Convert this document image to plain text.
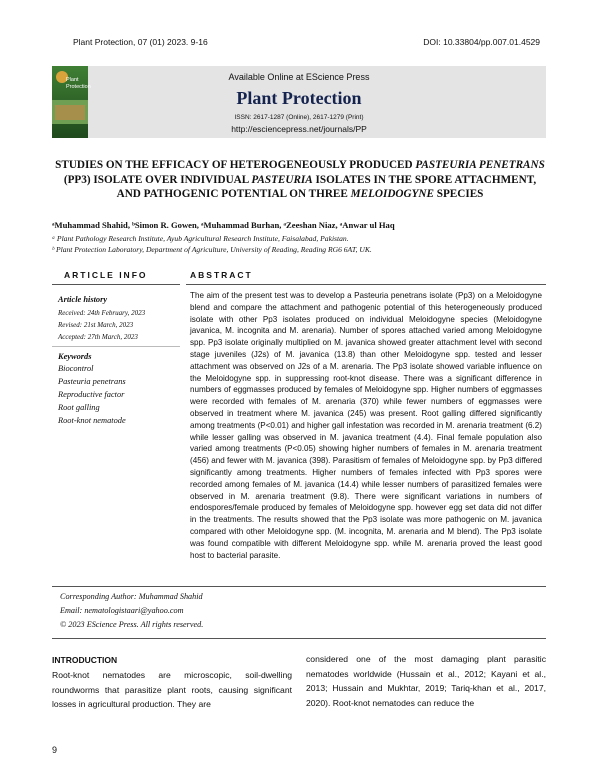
Plant Protection, 07 (01) 2023. 9-16	DOI: 10.33804/pp.007.01.4529
Plant Protection
Available Online at EScience Press
Plant Protection
ISSN: 2617-1287 (Online), 2617-1279 (Print)
http://esciencepress.net/journals/PP
STUDIES ON THE EFFICACY OF HETEROGENEOUSLY PRODUCED PASTEURIA PENETRANS (PP3) ISOLATE OVER INDIVIDUAL PASTEURIA ISOLATES IN THE SPORE ATTACHMENT, AND PATHOGENIC POTENTIAL ON THREE MELOIDOGYNE SPECIES
ᵃMuhammad Shahid, ᵇSimon R. Gowen, ᵃMuhammad Burhan, ᵃZeeshan Niaz, ᵃAnwar ul Haq
ᵃ Plant Pathology Research Institute, Ayub Agricultural Research Institute, Faisalabad, Pakistan.
ᵇ Plant Protection Laboratory, Department of Agriculture, University of Reading, Reading RG6 6AT, UK.
ARTICLE INFO	ABSTRACT
Article history
Received: 24th February, 2023
Revised: 21st March, 2023
Accepted: 27th March, 2023
Keywords
Biocontrol
Pasteuria penetrans
Reproductive factor
Root galling
Root-knot nematode
The aim of the present test was to develop a Pasteuria penetrans isolate (Pp3) on a Meloidogyne blend and compare the attachment and pathogenic potential of this heterogeneously produced isolate with other Pp3 isolates produced on individual Meloidogyne species (Meloidogyne javanica, M. incognita and M. arenaria). Number of spores attached varied among Meloidogyne spp. Pp3 isolate originally multiplied on M. javanica showed greater attachment level with second stage juveniles (J2s) of M. javanica (13.8) than other Meloidogyne spp. tested and lesser attachment was observed on J2s of a M. arenaria. The Pp3 isolate showed variable influence on the Meloidogyne spp. in suppressing root-knot disease. There was a significant difference in numbers of eggmasses produced by females of Meloidogyne spp. Higher numbers of eggmasses were recorded with females of M. arenaria (370) while fewer numbers of eggmasses were observed in treatment where M. javanica (245) was present. Root galling differed significantly among treatments (P<0.01) and higher gall infestation was recorded in M. arenaria treatment (6.2) while lesser galling was observed in M. javanica treatment (4.4). Final female population also varied among treatments (P<0.05) showing higher numbers of females in M. arenaria treatment (456) and fewer with M. javanica (398). Parasitism of females of Meloidogyne spp. by Pp3 differed significantly among treatments. Higher numbers of females infected with Pp3 spores were recorded among females of M. javanica (14.4) while lesser numbers of parasitized females were observed in M. arenaria treatment (9.8). There were significant variations in numbers of endospores/female produced by females of Meloidogyne spp. however egg set data did not differ in the treatments. The results showed that the Pp3 isolate was more pathogenic on M. javanica compared with other Meloidogyne spp. (M. incognita, M. arenaria and M blend). The Pp3 isolate was found compatible with different Meloidogyne spp. while M. arenaria proved the least good host to bacterial parasite.
Corresponding Author: Muhammad Shahid
Email: nematologistaari@yahoo.com
© 2023 EScience Press. All rights reserved.
INTRODUCTION
Root-knot nematodes are microscopic, soil-dwelling roundworms that parasitize plant roots, causing significant losses in agricultural production. They are
considered one of the most damaging plant parasitic nematodes worldwide (Hussain et al., 2012; Kayani et al., 2013; Hussain and Mukhtar, 2019; Tariq-khan et al., 2017, 2020). Root-knot nematodes can reduce the
9
